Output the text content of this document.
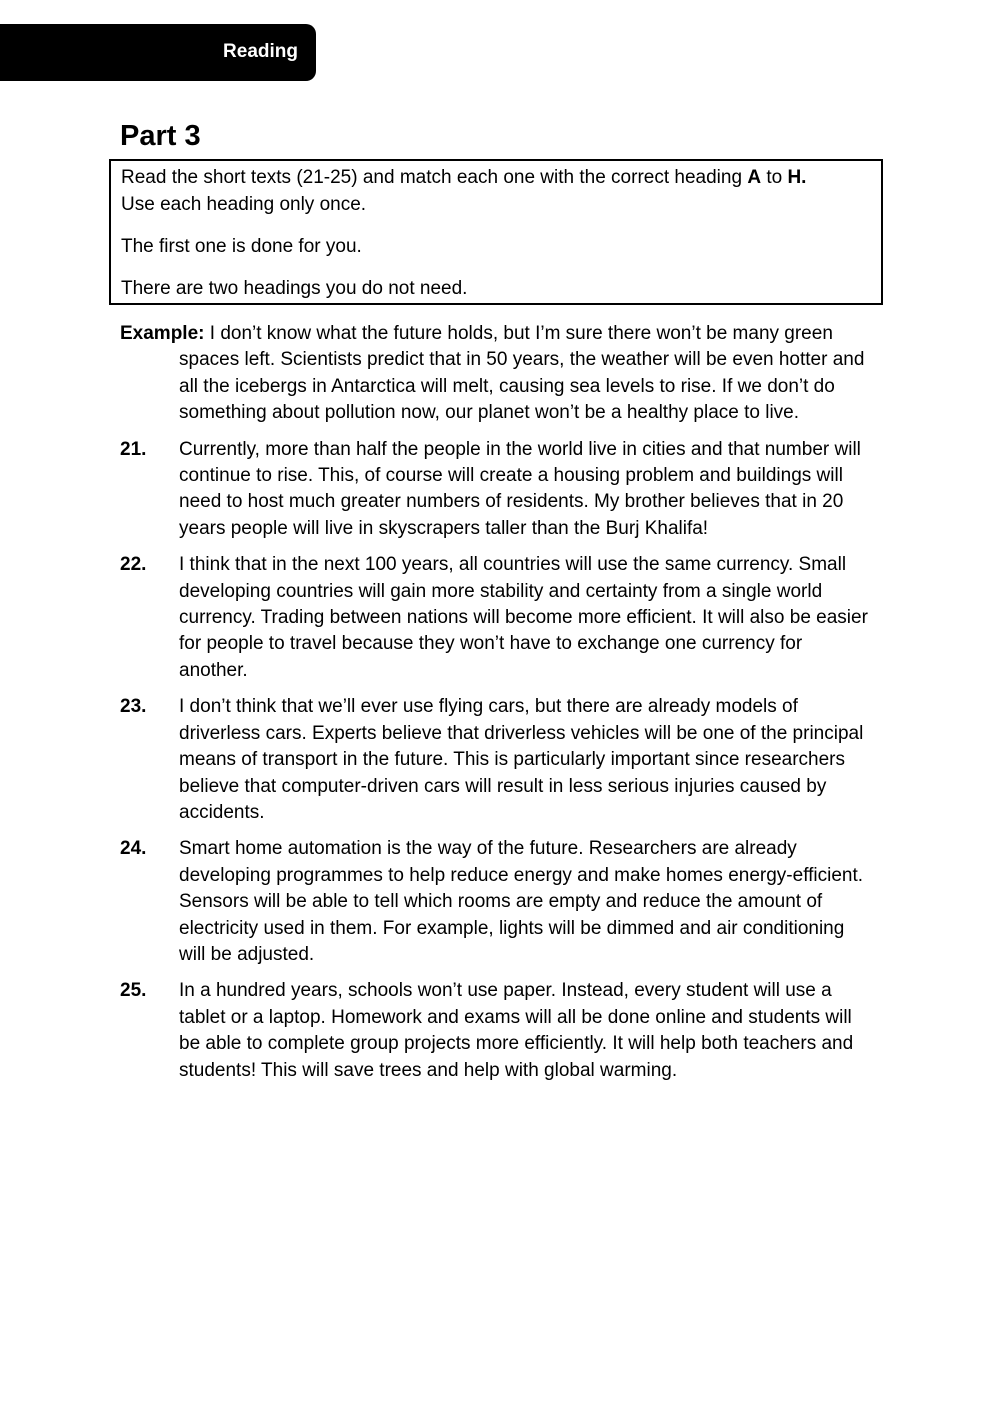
Reading
Part 3

Read the short texts (21-25) and match each one with the correct heading A to H.

Use each heading only once.

The first one is done for you.

There are two headings you do not need.

Example: I don’t know what the future holds, but I’m sure there won’t be many green spaces left. Scientists predict that in 50 years, the weather will be even hotter and all the icebergs in Antarctica will melt, causing sea levels to rise. If we don’t do something about pollution now, our planet won’t be a healthy place to live.

21. Currently, more than half the people in the world live in cities and that number will continue to rise. This, of course will create a housing problem and buildings will need to host much greater numbers of residents. My brother believes that in 20 years people will live in skyscrapers taller than the Burj Khalifa!
22. I think that in the next 100 years, all countries will use the same currency. Small developing countries will gain more stability and certainty from a single world currency. Trading between nations will become more efficient. It will also be easier for people to travel because they won’t have to exchange one currency for another.
23. I don’t think that we’ll ever use flying cars, but there are already models of driverless cars. Experts believe that driverless vehicles will be one of the principal means of transport in the future. This is particularly important since researchers believe that computer-driven cars will result in less serious injuries caused by accidents.
24. Smart home automation is the way of the future. Researchers are already developing programmes to help reduce energy and make homes energy-efficient. Sensors will be able to tell which rooms are empty and reduce the amount of electricity used in them. For example, lights will be dimmed and air conditioning will be adjusted.
25. In a hundred years, schools won’t use paper. Instead, every student will use a tablet or a laptop. Homework and exams will all be done online and students will be able to complete group projects more efficiently. It will help both teachers and students! This will save trees and help with global warming.
